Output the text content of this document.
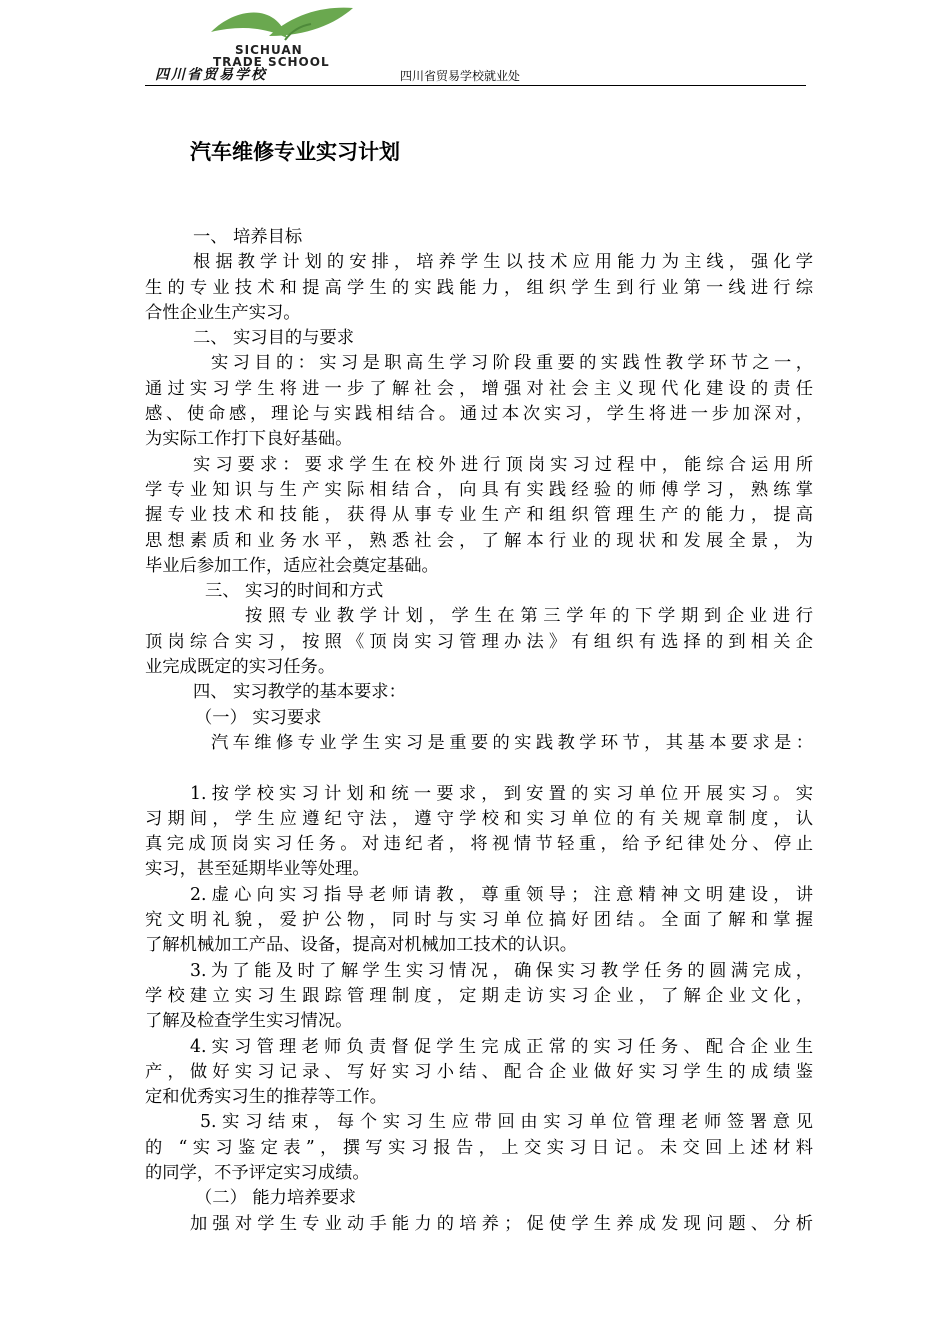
SICHUAN
TRADE SCHOOL
四川省贸易学校	四川省贸易学校就业处
汽车维修专业实习计划
一、 培养目标
根据教学计划的安排，培养学生以技术应用能力为主线，强化学
生的专业技术和提高学生的实践能力，组织学生到行业第一线进行综
合性企业生产实习。
二、 实习目的与要求
实习目的：实习是职高生学习阶段重要的实践性教学环节之一，
通过实习学生将进一步了解社会，增强对社会主义现代化建设的责任
感、使命感，理论与实践相结合。通过本次实习，学生将进一步加深对，
为实际工作打下良好基础。
实习要求：要求学生在校外进行顶岗实习过程中，能综合运用所
学专业知识与生产实际相结合，向具有实践经验的师傅学习，熟练掌
握专业技术和技能，获得从事专业生产和组织管理生产的能力，提高
思想素质和业务水平，熟悉社会，了解本行业的现状和发展全景，为
毕业后参加工作，适应社会奠定基础。
三、 实习的时间和方式
按照专业教学计划，学生在第三学年的下学期到企业进行
顶岗综合实习，按照《顶岗实习管理办法》有组织有选择的到相关企
业完成既定的实习任务。
四、 实习教学的基本要求：
（一） 实习要求
汽车维修专业学生实习是重要的实践教学环节，其基本要求是：
1.按学校实习计划和统一要求，到安置的实习单位开展实习。实
习期间，学生应遵纪守法，遵守学校和实习单位的有关规章制度，认
真完成顶岗实习任务。对违纪者，将视情节轻重，给予纪律处分、停止
实习，甚至延期毕业等处理。
2.虚心向实习指导老师请教，尊重领导；注意精神文明建设，讲
究文明礼貌，爱护公物，同时与实习单位搞好团结。全面了解和掌握
了解机械加工产品、设备，提高对机械加工技术的认识。
3.为了能及时了解学生实习情况，确保实习教学任务的圆满完成，
学校建立实习生跟踪管理制度，定期走访实习企业，了解企业文化，
了解及检查学生实习情况。
4.实习管理老师负责督促学生完成正常的实习任务、配合企业生
产，做好实习记录、写好实习小结、配合企业做好实习学生的成绩鉴
定和优秀实习生的推荐等工作。
5.实习结束，每个实习生应带回由实习单位管理老师签署意见
的 “实习鉴定表”，撰写实习报告，上交实习日记。未交回上述材料
的同学，不予评定实习成绩。
（二） 能力培养要求
加强对学生专业动手能力的培养；促使学生养成发现问题、分析
